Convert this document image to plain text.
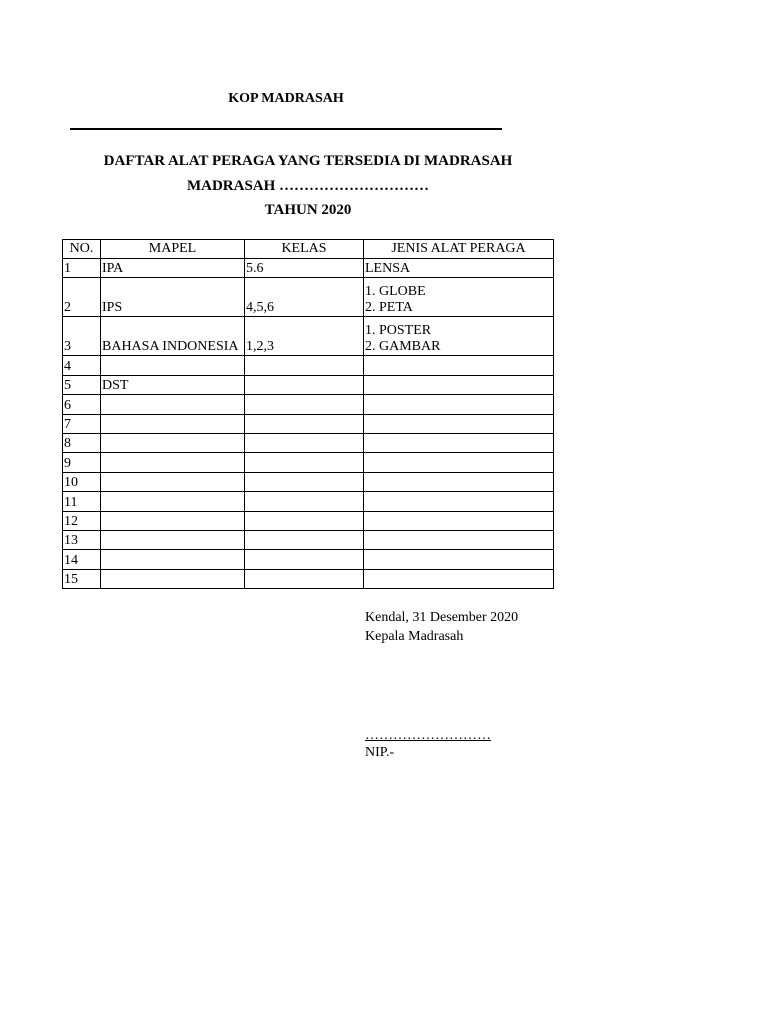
KOP MADRASAH
DAFTAR ALAT PERAGA YANG TERSEDIA DI MADRASAH
MADRASAH …………………………
TAHUN 2020
NO.	MAPEL	KELAS	JENIS ALAT PERAGA
1	IPA	5.6	LENSA

2	IPS	4,5,6	1. GLOBE
2. PETA

3	BAHASA INDONESIA	1,2,3	1. POSTER
2. GAMBAR

4			
5	DST		
6			
7			
8			
9			
10			
11			
12			
13			
14			
15			
Kendal, 31 Desember 2020
Kepala Madrasah
………………………
NIP.-
